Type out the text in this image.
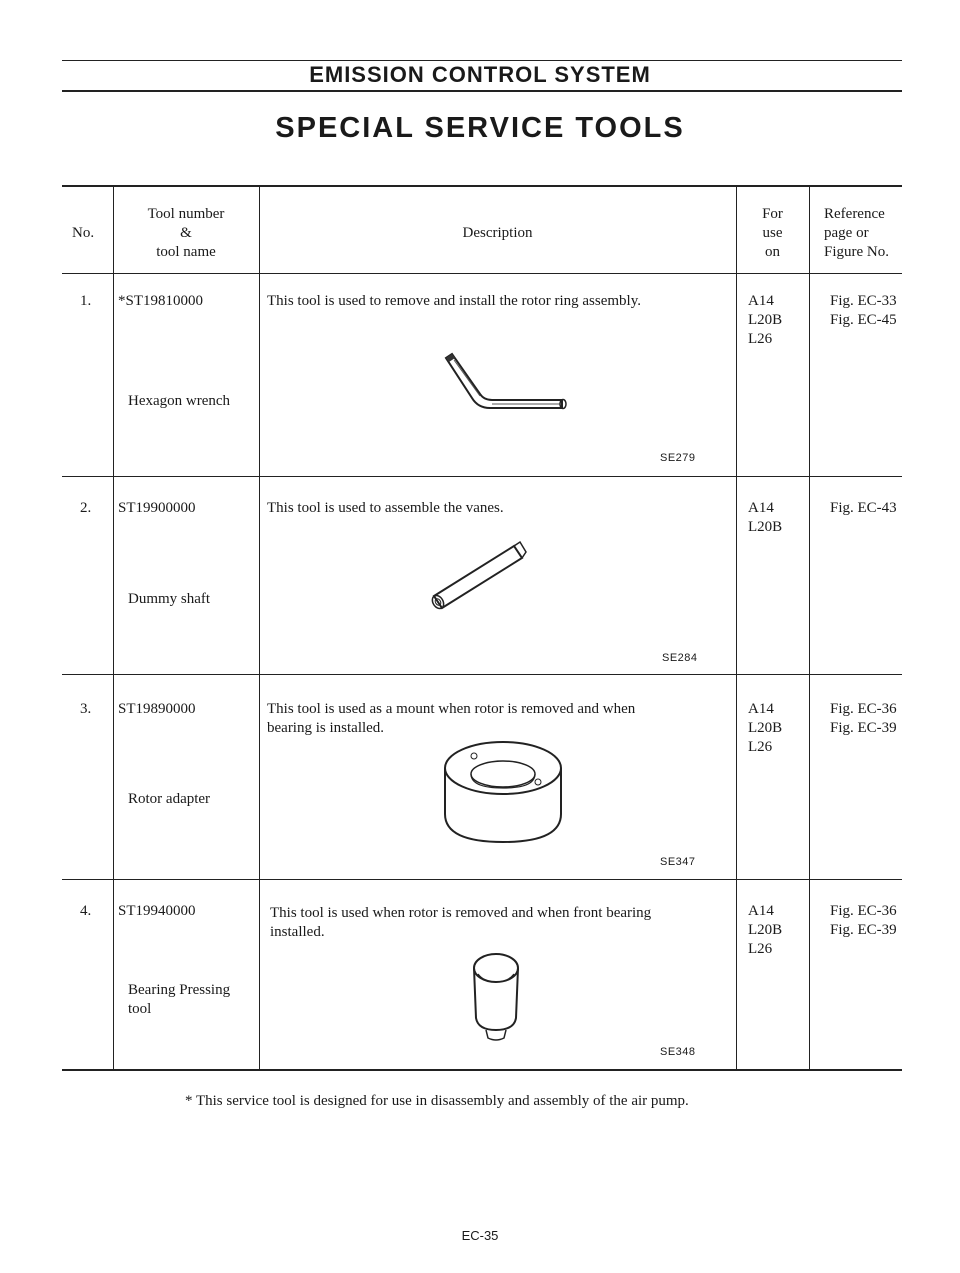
EMISSION CONTROL SYSTEM
SPECIAL SERVICE TOOLS
No.
Tool number
&
tool name
Description
For
use
on
Reference
page or
Figure No.
1. *ST19810000
Hexagon wrench
This tool is used to remove and install the rotor ring assembly.
SE279
A14
L20B
L26
Fig. EC-33
Fig. EC-45
2. ST19900000
Dummy shaft
This tool is used to assemble the vanes.
SE284
A14
L20B
Fig. EC-43
3. ST19890000
Rotor adapter
This tool is used as a mount when rotor is removed and when
bearing is installed.
SE347
A14
L20B
L26
Fig. EC-36
Fig. EC-39
4. ST19940000
Bearing Pressing
tool
This tool is used when rotor is removed and when front bearing
installed.
SE348
A14
L20B
L26
Fig. EC-36
Fig. EC-39
* This service tool is designed for use in disassembly and assembly of the air pump.
EC-35
